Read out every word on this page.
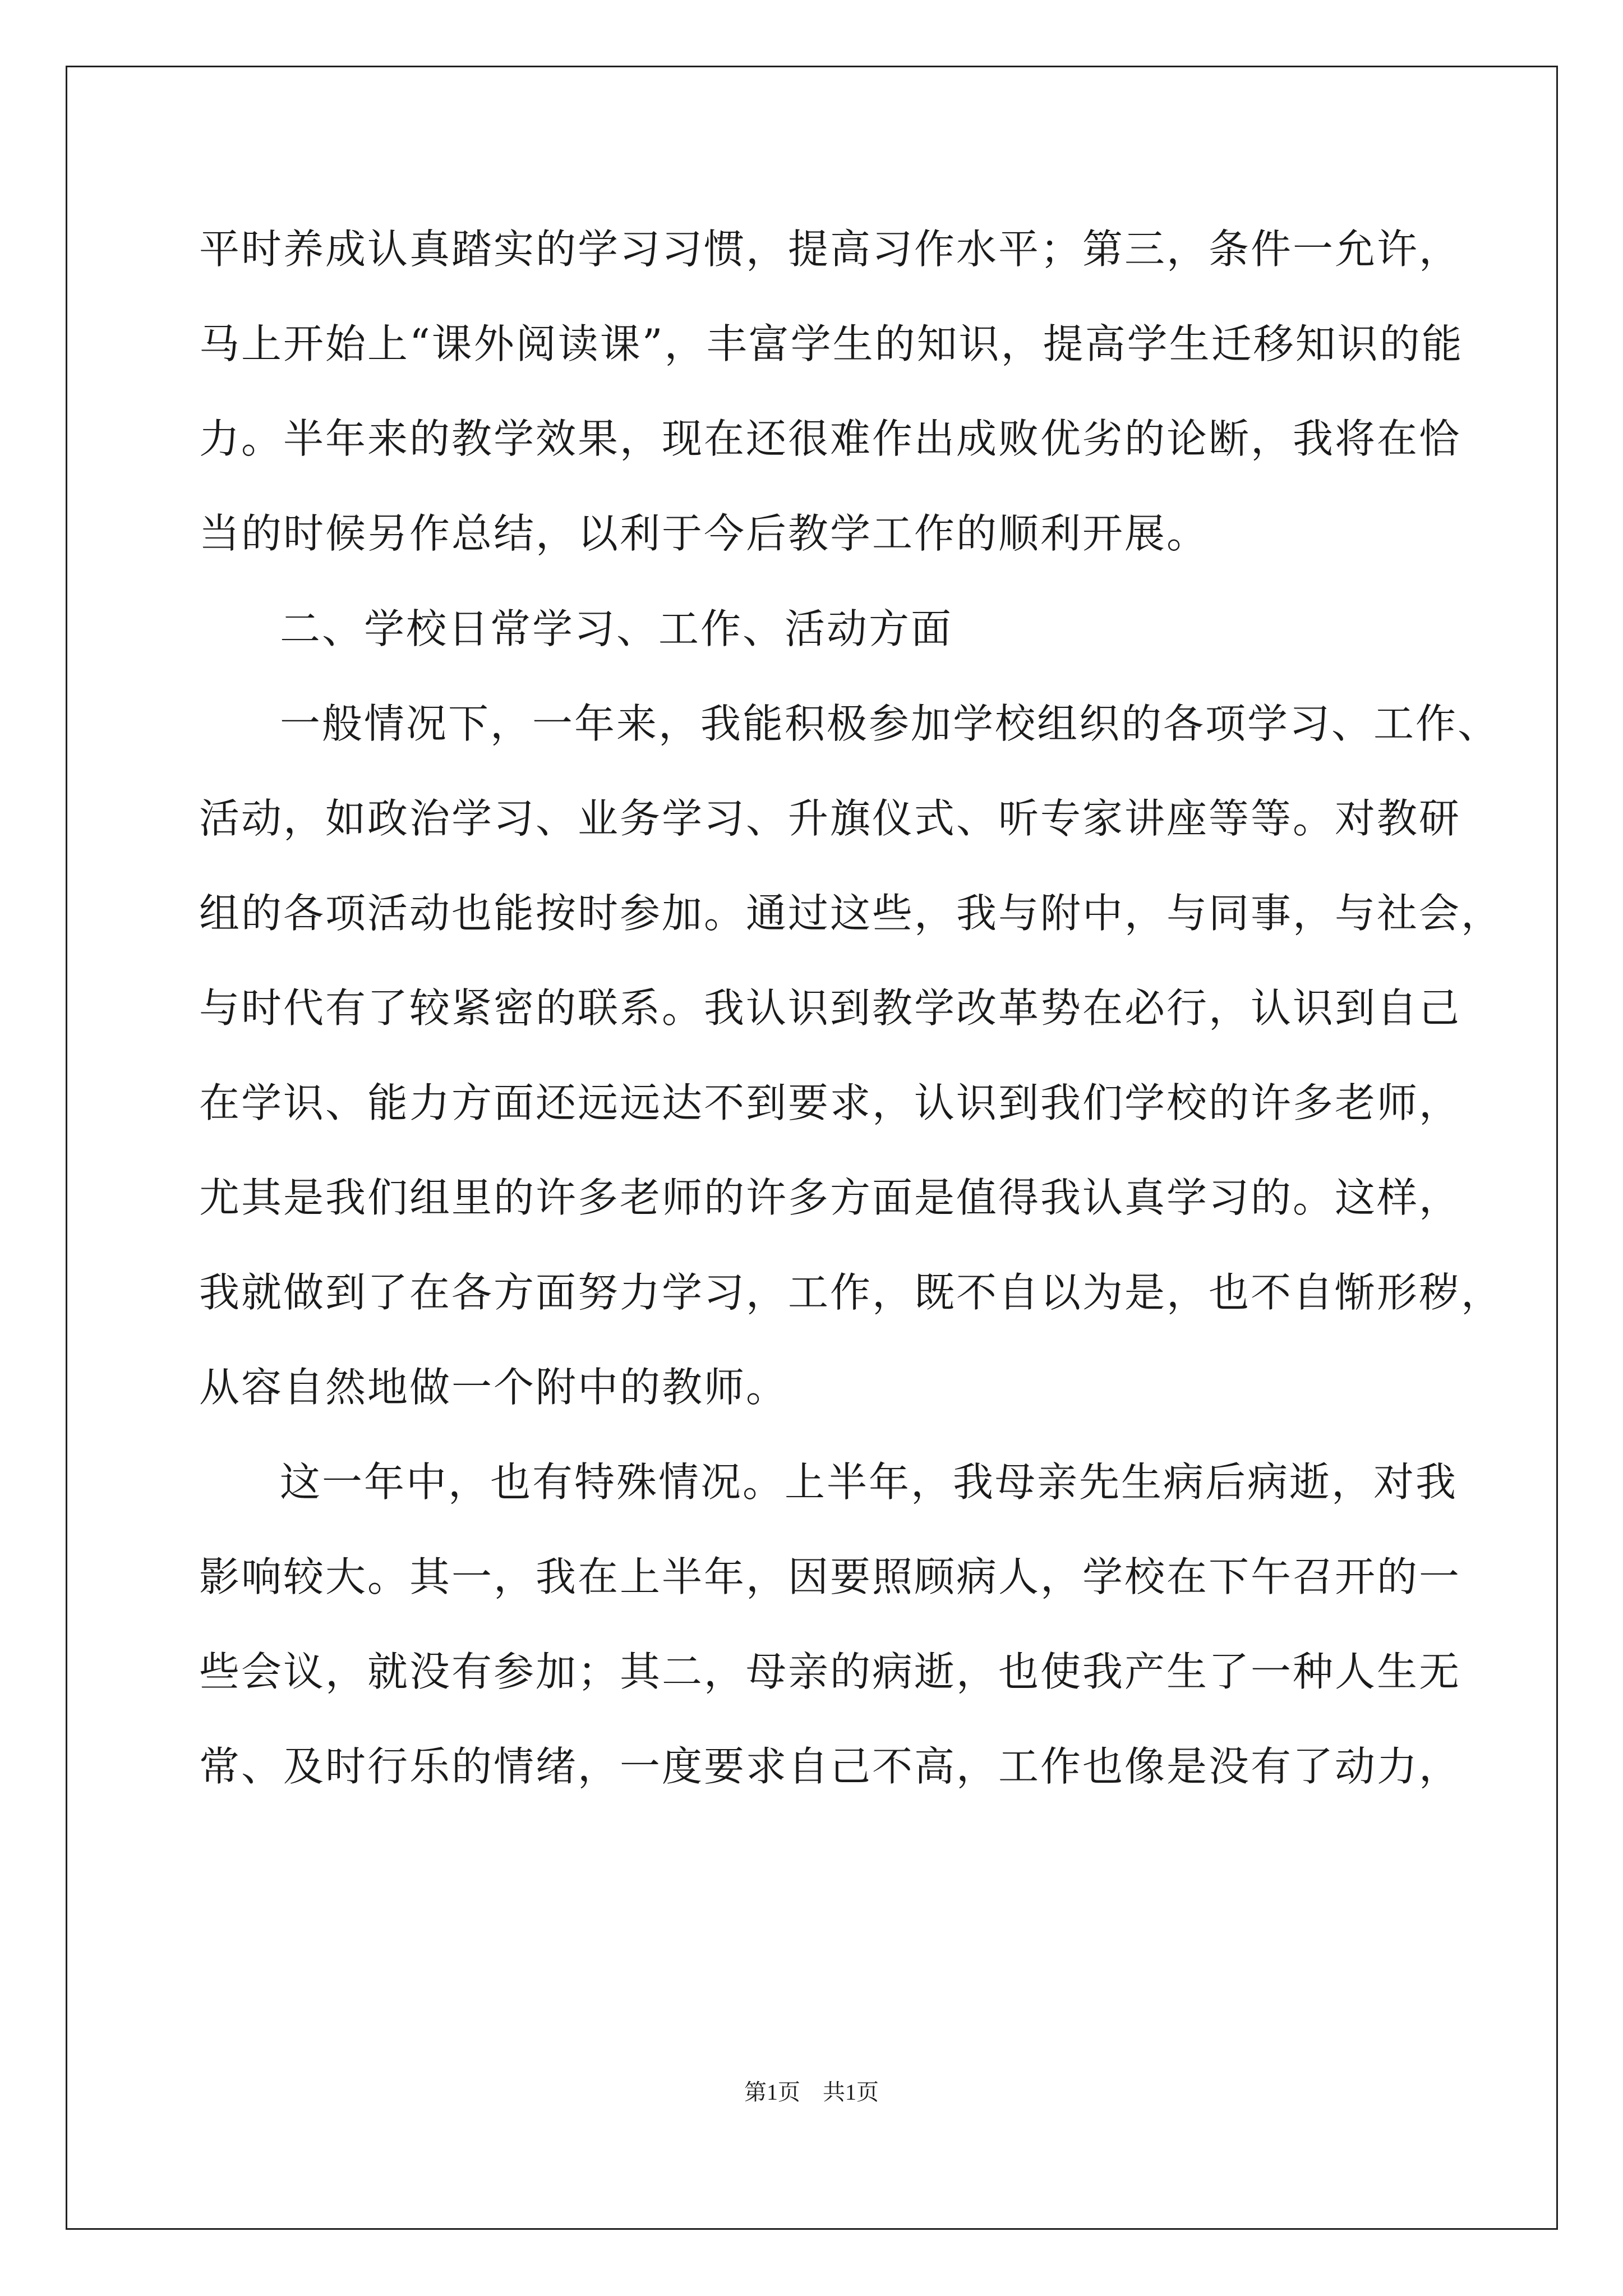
平时养成认真踏实的学习习惯，提高习作水平；第三，条件一允许，
马上开始上“课外阅读课”，丰富学生的知识，提高学生迁移知识的能
力。半年来的教学效果，现在还很难作出成败优劣的论断，我将在恰
当的时候另作总结，以利于今后教学工作的顺利开展。
二、学校日常学习、工作、活动方面
一般情况下，一年来，我能积极参加学校组织的各项学习、工作、
活动，如政治学习、业务学习、升旗仪式、听专家讲座等等。对教研
组的各项活动也能按时参加。通过这些，我与附中，与同事，与社会，
与时代有了较紧密的联系。我认识到教学改革势在必行，认识到自己
在学识、能力方面还远远达不到要求，认识到我们学校的许多老师，
尤其是我们组里的许多老师的许多方面是值得我认真学习的。这样，
我就做到了在各方面努力学习，工作，既不自以为是，也不自惭形秽，
从容自然地做一个附中的教师。
这一年中，也有特殊情况。上半年，我母亲先生病后病逝，对我
影响较大。其一，我在上半年，因要照顾病人，学校在下午召开的一
些会议，就没有参加；其二，母亲的病逝，也使我产生了一种人生无
常、及时行乐的情绪，一度要求自己不高，工作也像是没有了动力，
第1页 共1页
